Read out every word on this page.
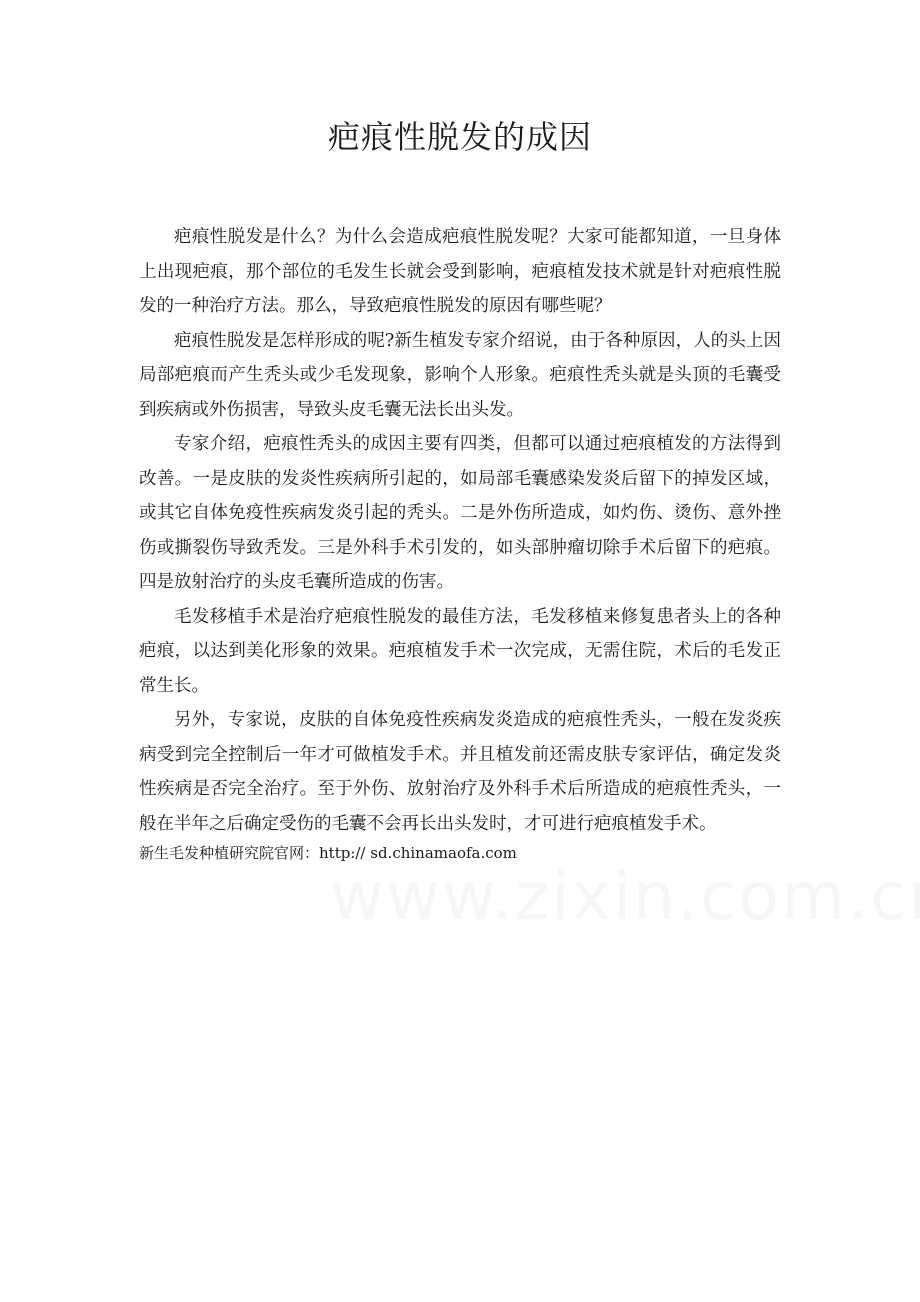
疤痕性脱发的成因

疤痕性脱发是什么？为什么会造成疤痕性脱发呢？大家可能都知道，一旦身体上出现疤痕，那个部位的毛发生长就会受到影响，疤痕植发技术就是针对疤痕性脱发的一种治疗方法。那么，导致疤痕性脱发的原因有哪些呢？

疤痕性脱发是怎样形成的呢?新生植发专家介绍说，由于各种原因，人的头上因局部疤痕而产生秃头或少毛发现象，影响个人形象。疤痕性秃头就是头顶的毛囊受到疾病或外伤损害，导致头皮毛囊无法长出头发。

专家介绍，疤痕性秃头的成因主要有四类，但都可以通过疤痕植发的方法得到改善。一是皮肤的发炎性疾病所引起的，如局部毛囊感染发炎后留下的掉发区域，或其它自体免疫性疾病发炎引起的秃头。二是外伤所造成，如灼伤、烫伤、意外挫伤或撕裂伤导致秃发。三是外科手术引发的，如头部肿瘤切除手术后留下的疤痕。四是放射治疗的头皮毛囊所造成的伤害。

毛发移植手术是治疗疤痕性脱发的最佳方法，毛发移植来修复患者头上的各种疤痕，以达到美化形象的效果。疤痕植发手术一次完成，无需住院，术后的毛发正常生长。

另外，专家说，皮肤的自体免疫性疾病发炎造成的疤痕性秃头，一般在发炎疾病受到完全控制后一年才可做植发手术。并且植发前还需皮肤专家评估，确定发炎性疾病是否完全治疗。至于外伤、放射治疗及外科手术后所造成的疤痕性秃头，一般在半年之后确定受伤的毛囊不会再长出头发时，才可进行疤痕植发手术。

新生毛发种植研究院官网：http:// sd.chinamaofa.com
